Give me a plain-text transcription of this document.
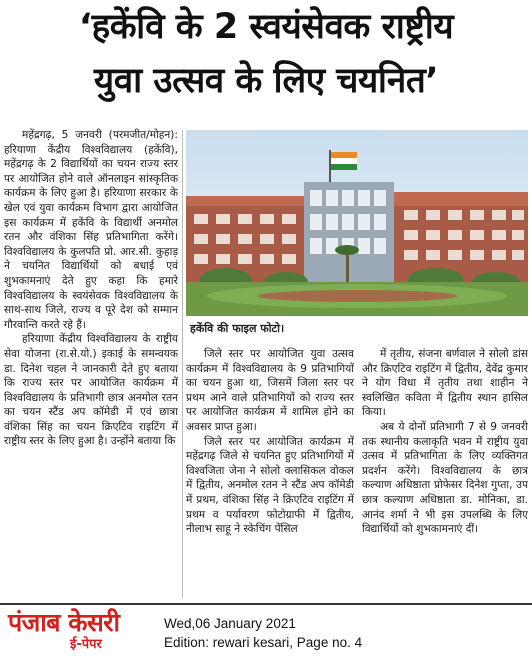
‘हकेंवि के 2 स्वयंसेवक राष्ट्रीय
युवा उत्सव के लिए चयनित’

महेंद्रगढ़, 5 जनवरी (परमजीत/मोहन): हरियाणा केंद्रीय विश्वविद्यालय (हकेंवि), महेंद्रगढ़ के 2 विद्यार्थियों का चयन राज्य स्तर पर आयोजित होने वाले ऑनलाइन सांस्कृतिक कार्यक्रम के लिए हुआ है। हरियाणा सरकार के खेल एवं युवा कार्यक्रम विभाग द्वारा आयोजित इस कार्यक्रम में हकेंवि के विद्यार्थी अनमोल रतन और वंशिका सिंह प्रतिभागिता करेंगे। विश्वविद्यालय के कुलपति प्रो. आर.सी. कुहाड़ ने चयनित विद्यार्थियों को बधाई एवं शुभकामनाएं देते हुए कहा कि हमारे विश्वविद्यालय के स्वयंसेवक विश्वविद्यालय के साथ-साथ जिले, राज्य व पूरे देश को सम्मान गौरवान्ति करते रहे हैं।

हरियाणा केंद्रीय विश्वविद्यालय के राष्ट्रीय सेवा योजना (रा.से.यो.) इकाई के समन्वयक डा. दिनेश चहल ने जानकारी देते हुए बताया कि राज्य स्तर पर आयोजित कार्यक्रम में विश्वविद्यालय के प्रतिभागी छात्र अनमोल रतन का चयन स्टैंड अप कॉमेडी में एवं छात्रा वंशिका सिंह का चयन क्रिएटिव राइटिंग में राष्ट्रीय स्तर के लिए हुआ है। उन्होंने बताया कि

हकेंवि की फाइल फोटो।

जिले स्तर पर आयोजित युवा उत्सव कार्यक्रम में विश्वविद्यालय के 9 प्रतिभागियों का चयन हुआ था, जिसमें जिला स्तर पर प्रथम आने वाले प्रतिभागियों को राज्य स्तर पर आयोजित कार्यक्रम में शामिल होने का अवसर प्राप्त हुआ।

जिले स्तर पर आयोजित कार्यक्रम में महेंद्रगढ़ जिले से चयनित हुए प्रतिभागियों में विश्वजिता जेना ने सोलो क्लासिकल वोकल में द्वितीय, अनमोल रतन ने स्टैंड अप कॉमेडी में प्रथम, वंशिका सिंह ने क्रिएटिव राइटिंग में प्रथम व पर्यावरण फोटोग्राफी में द्वितीय, नीलाभ साहू ने स्केचिंग पेंसिल

में तृतीय, संजना बर्णवाल ने सोलो डांस और क्रिएटिव राइटिंग में द्वितीय, देवेंद्र कुमार ने योग विधा में तृतीय तथा शाहीन ने स्वलिखित कविता में द्वितीय स्थान हासिल किया।

अब ये दोनों प्रतिभागी 7 से 9 जनवरी तक स्थानीय कलाकृति भवन में राष्ट्रीय युवा उत्सव में प्रतिभागिता के लिए व्यक्तिगत प्रदर्शन करेंगे। विश्वविद्यालय के छात्र कल्याण अधिष्ठाता प्रोफेसर दिनेश गुप्ता, उप छात्र कल्याण अधिष्ठाता डा. मोनिका, डा. आनंद शर्मा ने भी इस उपलब्धि के लिए विद्यार्थियों को शुभकामनाएं दीं।

पंजाब केसरी
ई-पेपर
Wed,06 January 2021
Edition: rewari kesari, Page no. 4
